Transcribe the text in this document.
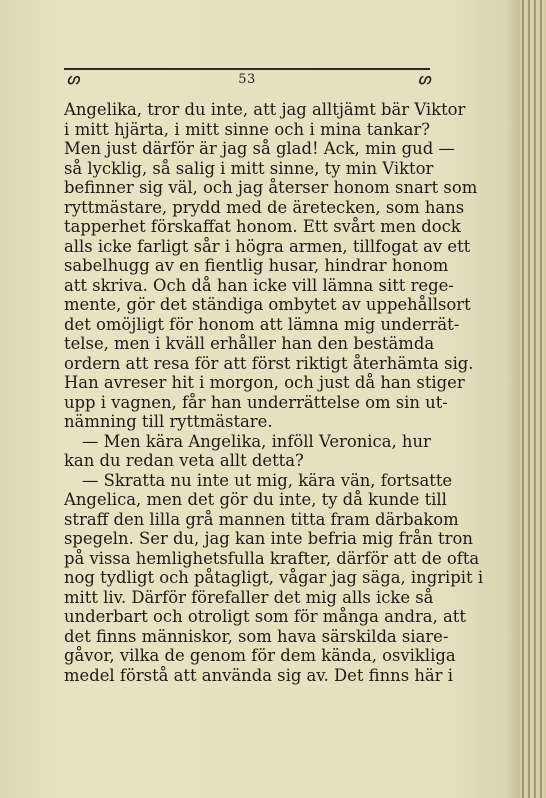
ഗ	53	ഗ
Angelika, tror du inte, att jag alltjämt bär Viktor
i mitt hjärta, i mitt sinne och i mina tankar?
Men just därför är jag så glad! Ack, min gud —
så lycklig, så salig i mitt sinne, ty min Viktor
befinner sig väl, och jag återser honom snart som
ryttmästare, prydd med de äretecken, som hans
tapperhet förskaffat honom. Ett svårt men dock
alls icke farligt sår i högra armen, tillfogat av ett
sabelhugg av en fientlig husar, hindrar honom
att skriva. Och då han icke vill lämna sitt rege-
mente, gör det ständiga ombytet av uppehållsort
det omöjligt för honom att lämna mig underrät-
telse, men i kväll erhåller han den bestämda
ordern att resa för att först riktigt återhämta sig.
Han avreser hit i morgon, och just då han stiger
upp i vagnen, får han underrättelse om sin ut-
nämning till ryttmästare.
— Men kära Angelika, inföll Veronica, hur
kan du redan veta allt detta?
— Skratta nu inte ut mig, kära vän, fortsatte
Angelica, men det gör du inte, ty då kunde till
straff den lilla grå mannen titta fram därbakom
spegeln. Ser du, jag kan inte befria mig från tron
på vissa hemlighetsfulla krafter, därför att de ofta
nog tydligt och påtagligt, vågar jag säga, ingripit i
mitt liv. Därför förefaller det mig alls icke så
underbart och otroligt som för många andra, att
det finns människor, som hava särskilda siare-
gåvor, vilka de genom för dem kända, osvikliga
medel förstå att använda sig av. Det finns här i
